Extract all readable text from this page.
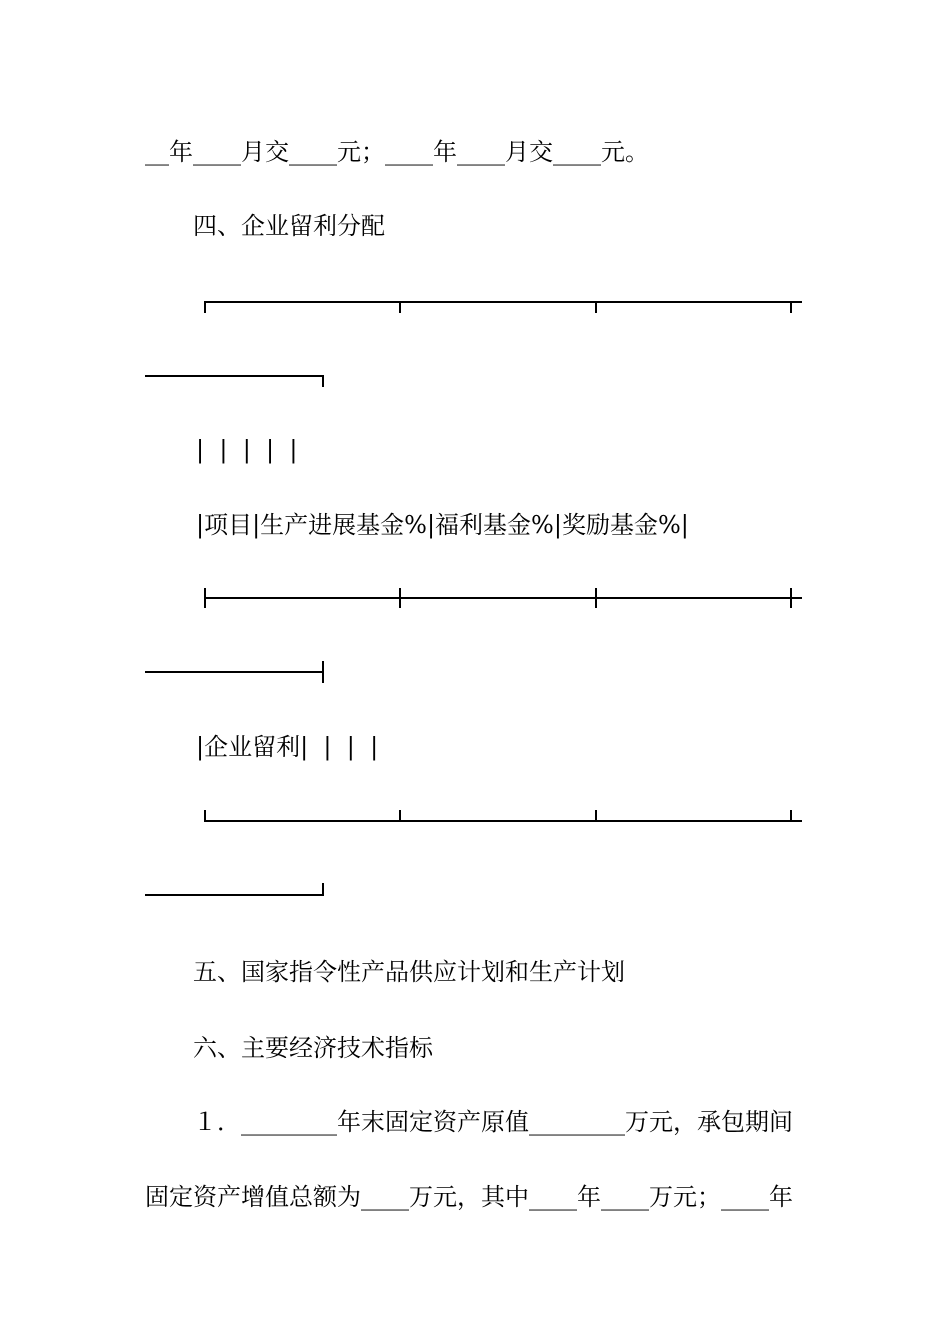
__年____月交____元；____年____月交____元。
四、企业留利分配
|  |  |  |  |
|项目|生产进展基金%|福利基金%|奖励基金%|
|企业留利|  |  |  |
五、国家指令性产品供应计划和生产计划
六、主要经济技术指标
１．________年末固定资产原值________万元，承包期间
固定资产增值总额为____万元，其中____年____万元；____年
